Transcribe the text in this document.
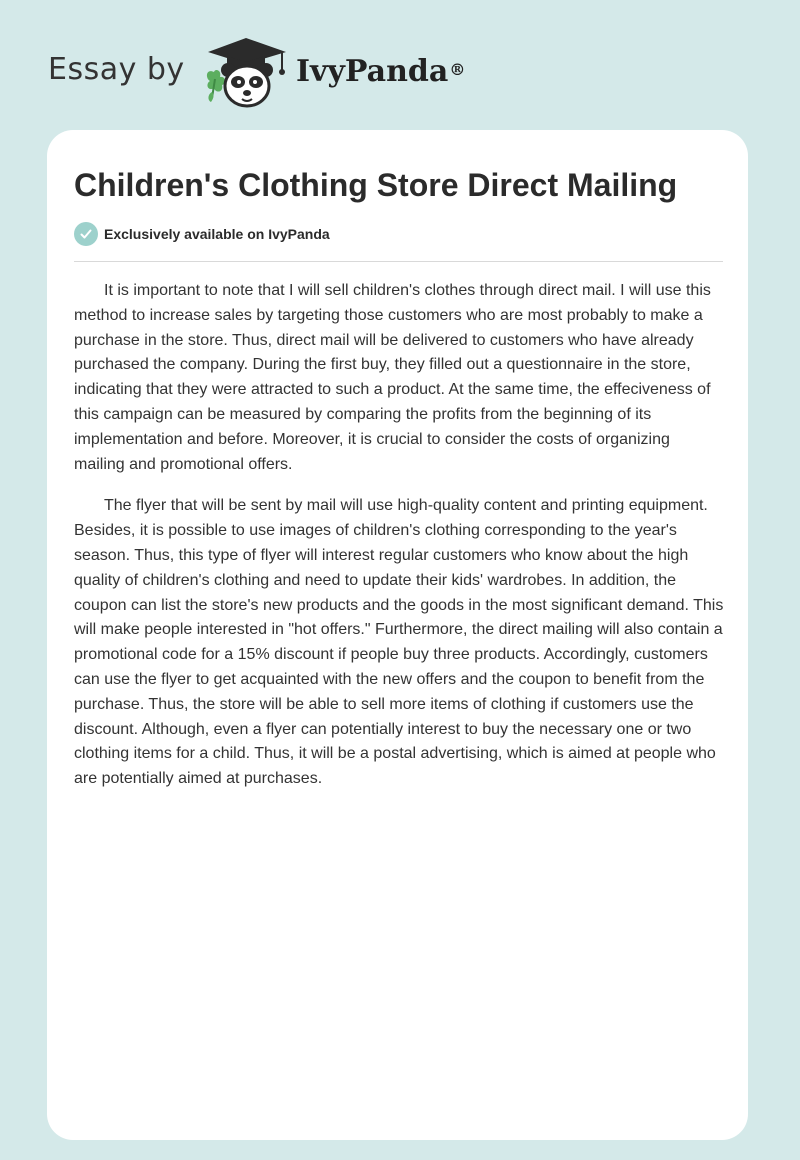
Essay by	IvyPanda®

Children's Clothing Store Direct Mailing
Exclusively available on IvyPanda

It is important to note that I will sell children's clothes through direct mail. I will use this method to increase sales by targeting those customers who are most probably to make a purchase in the store. Thus, direct mail will be delivered to customers who have already purchased the company. During the first buy, they filled out a questionnaire in the store, indicating that they were attracted to such a product. At the same time, the effeciveness of this campaign can be measured by comparing the profits from the beginning of its implementation and before. Moreover, it is crucial to consider the costs of organizing mailing and promotional offers.

The flyer that will be sent by mail will use high-quality content and printing equipment. Besides, it is possible to use images of children's clothing corresponding to the year's season. Thus, this type of flyer will interest regular customers who know about the high quality of children's clothing and need to update their kids' wardrobes. In addition, the coupon can list the store's new products and the goods in the most significant demand. This will make people interested in "hot offers." Furthermore, the direct mailing will also contain a promotional code for a 15% discount if people buy three products. Accordingly, customers can use the flyer to get acquainted with the new offers and the coupon to benefit from the purchase. Thus, the store will be able to sell more items of clothing if customers use the discount. Although, even a flyer can potentially interest to buy the necessary one or two clothing items for a child. Thus, it will be a postal advertising, which is aimed at people who are potentially aimed at purchases.
